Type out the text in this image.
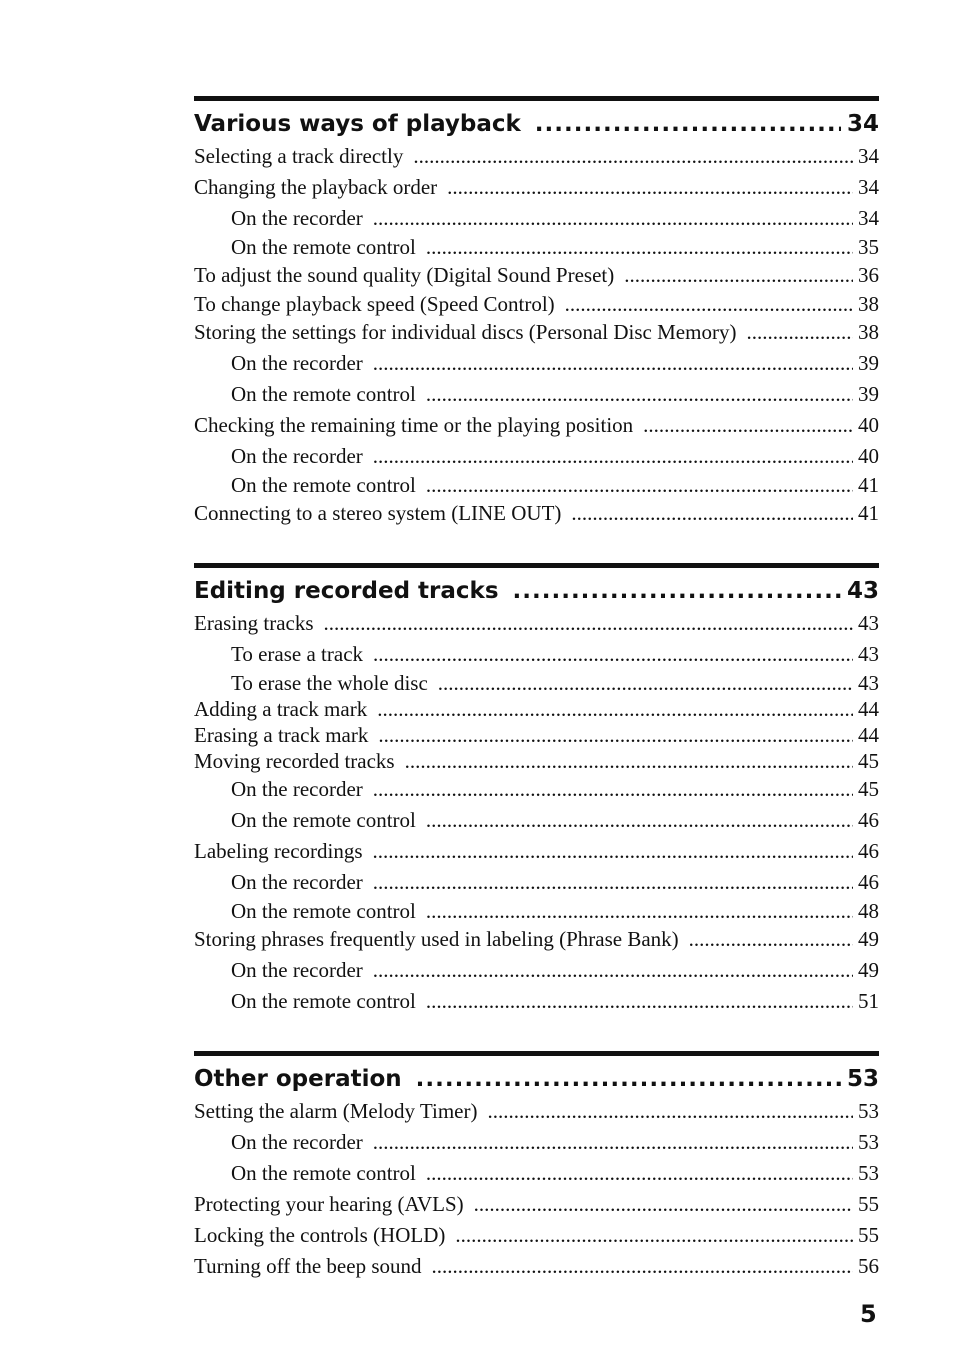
Various ways of playback .....	34
Selecting a track directly .....	34
Changing the playback order .....	34
On the recorder .....	34
On the remote control .....	35
To adjust the sound quality (Digital Sound Preset) .....	36
To change playback speed (Speed Control) .....	38
Storing the settings for individual discs (Personal Disc Memory) .....	38
On the recorder .....	39
On the remote control .....	39
Checking the remaining time or the playing position .....	40
On the recorder .....	40
On the remote control .....	41
Connecting to a stereo system (LINE OUT) .....	41
Editing recorded tracks .....	43
Erasing tracks .....	43
To erase a track .....	43
To erase the whole disc .....	43
Adding a track mark .....	44
Erasing a track mark .....	44
Moving recorded tracks .....	45
On the recorder .....	45
On the remote control .....	46
Labeling recordings .....	46
On the recorder .....	46
On the remote control .....	48
Storing phrases frequently used in labeling (Phrase Bank) .....	49
On the recorder .....	49
On the remote control .....	51
Other operation .....	53
Setting the alarm (Melody Timer) .....	53
On the recorder .....	53
On the remote control .....	53
Protecting your hearing (AVLS) .....	55
Locking the controls (HOLD) .....	55
Turning off the beep sound .....	56
5
